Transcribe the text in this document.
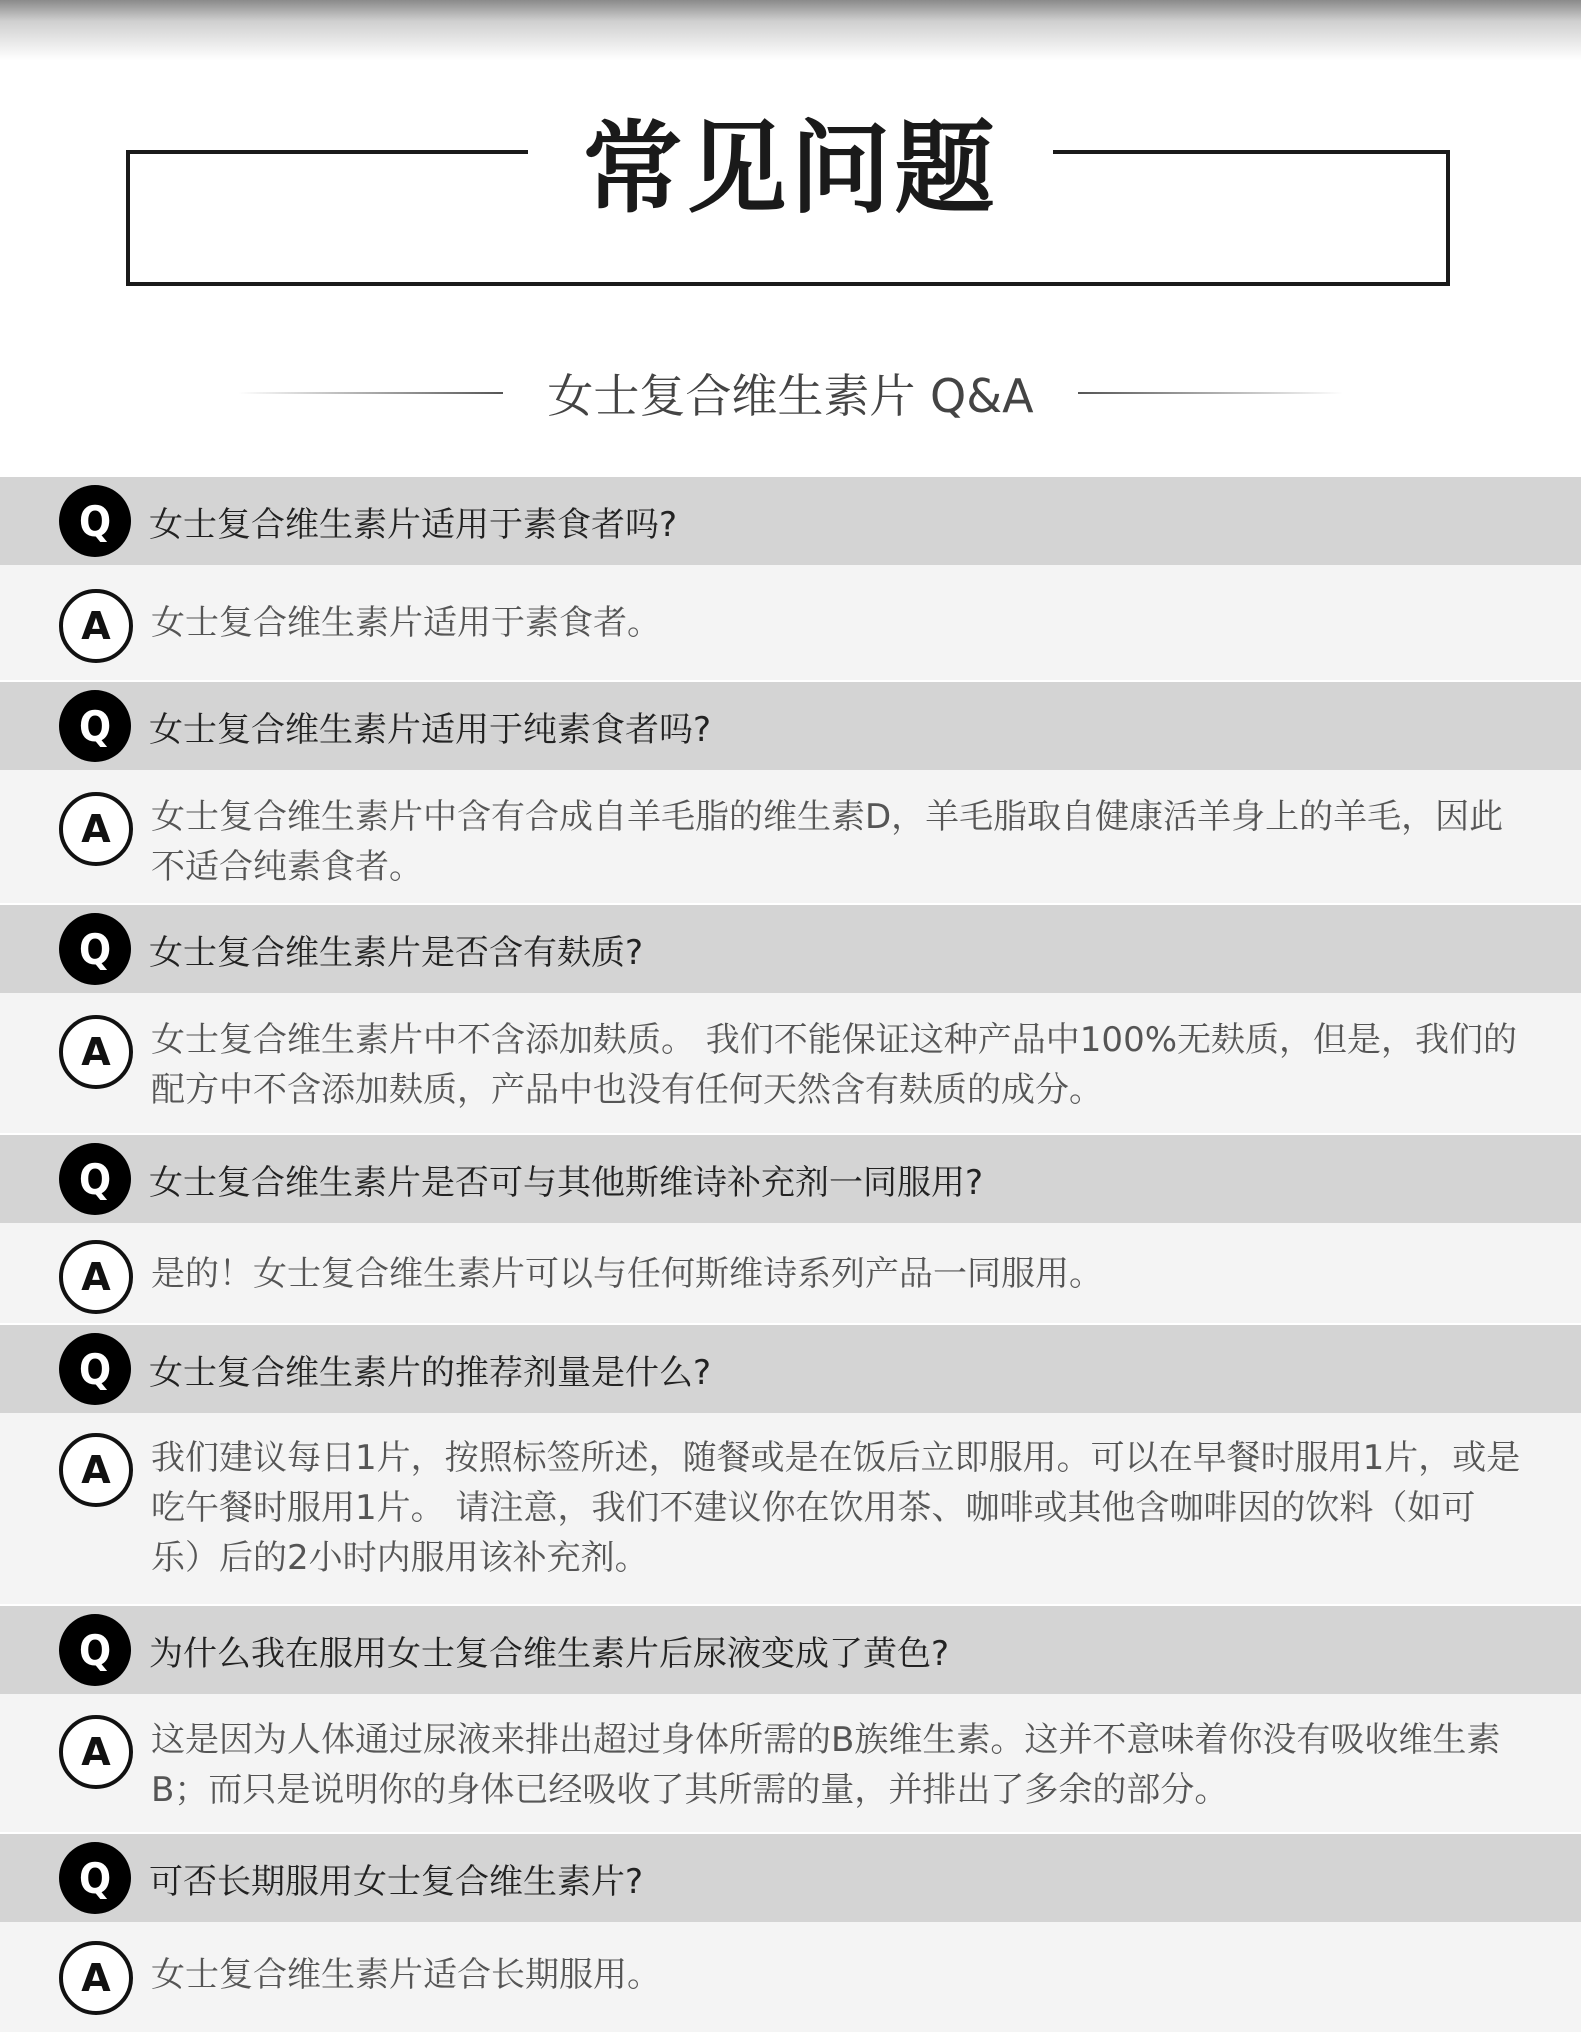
常见问题
女士复合维生素片 Q&A
Q	女士复合维生素片适用于素食者吗?
A	女士复合维生素片适用于素食者。
Q	女士复合维生素片适用于纯素食者吗?
A	女士复合维生素片中含有合成自羊毛脂的维生素D，羊毛脂取自健康活羊身上的羊毛，因此不适合纯素食者。
Q	女士复合维生素片是否含有麸质?
A	女士复合维生素片中不含添加麸质。 我们不能保证这种产品中100%无麸质，但是，我们的配方中不含添加麸质，产品中也没有任何天然含有麸质的成分。
Q	女士复合维生素片是否可与其他斯维诗补充剂一同服用?
A	是的！女士复合维生素片可以与任何斯维诗系列产品一同服用。
Q	女士复合维生素片的推荐剂量是什么?
A	我们建议每日1片，按照标签所述，随餐或是在饭后立即服用。可以在早餐时服用1片，或是吃午餐时服用1片。 请注意，我们不建议你在饮用茶、咖啡或其他含咖啡因的饮料（如可乐）后的2小时内服用该补充剂。
Q	为什么我在服用女士复合维生素片后尿液变成了黄色?
A	这是因为人体通过尿液来排出超过身体所需的B族维生素。这并不意味着你没有吸收维生素B；而只是说明你的身体已经吸收了其所需的量，并排出了多余的部分。
Q	可否长期服用女士复合维生素片?
A	女士复合维生素片适合长期服用。
